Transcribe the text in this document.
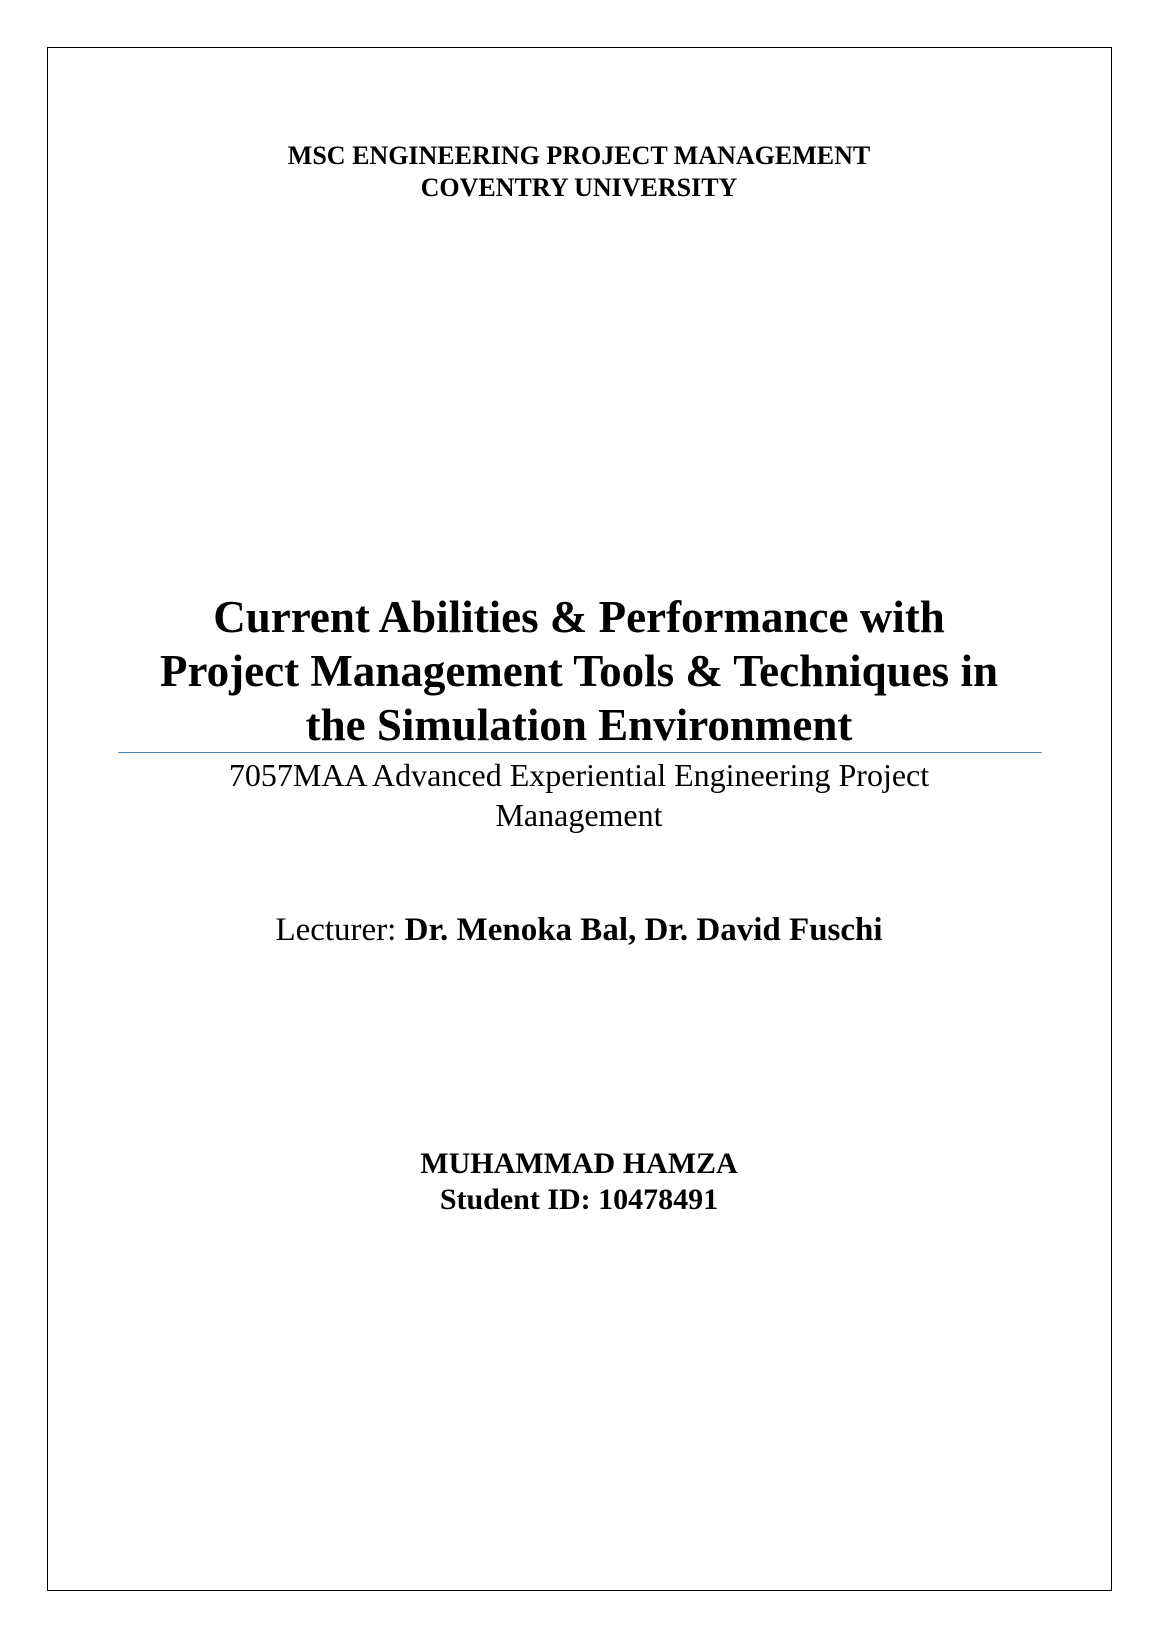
MSC ENGINEERING PROJECT MANAGEMENT
COVENTRY UNIVERSITY
Current Abilities & Performance with
Project Management Tools & Techniques in
the Simulation Environment
7057MAA Advanced Experiential Engineering Project Management
Lecturer: Dr. Menoka Bal, Dr. David Fuschi
MUHAMMAD HAMZA
Student ID: 10478491
